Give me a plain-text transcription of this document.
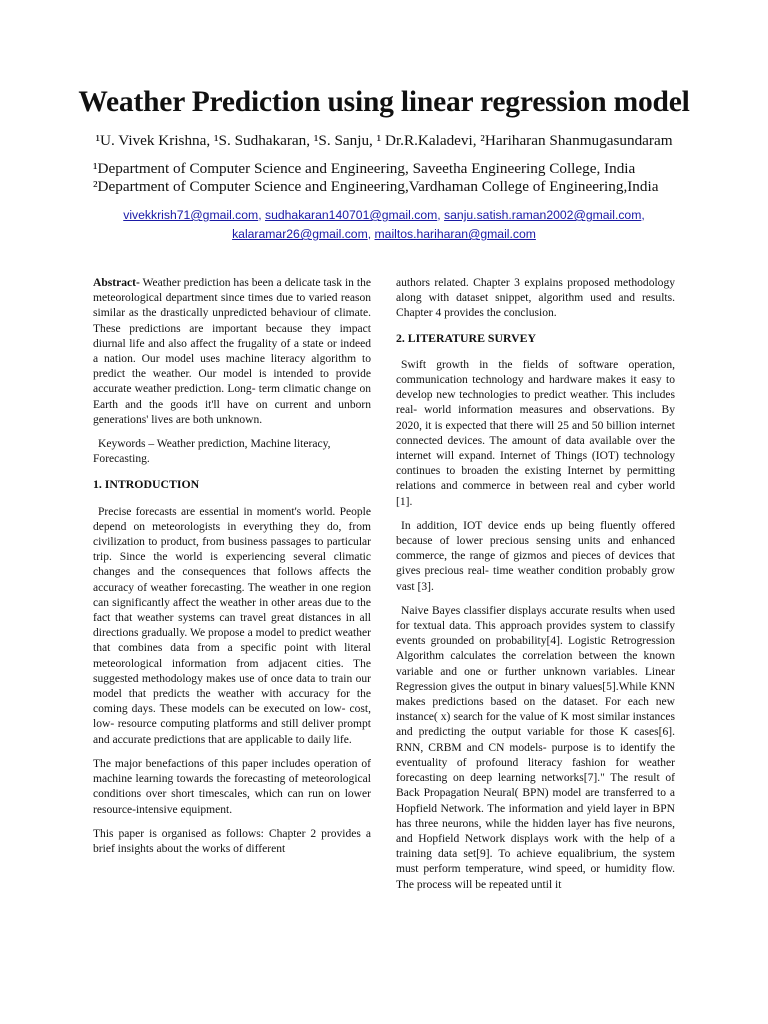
Weather Prediction using linear regression model
¹U. Vivek Krishna, ¹S. Sudhakaran, ¹S. Sanju, ¹ Dr.R.Kaladevi, ²Hariharan Shanmugasundaram
¹Department of Computer Science and Engineering, Saveetha Engineering College, India
²Department of Computer Science and Engineering,Vardhaman College of Engineering,India
vivekkrish71@gmail.com, sudhakaran140701@gmail.com, sanju.satish.raman2002@gmail.com,
kalaramar26@gmail.com, mailtos.hariharan@gmail.com

Abstract- Weather prediction has been a delicate task in the meteorological department since times due to varied reason similar as the drastically unpredicted behaviour of climate. These predictions are important because they impact diurnal life and also affect the frugality of a state or indeed a nation. Our model uses machine literacy algorithm to predict the weather. Our model is intended to provide accurate weather prediction. Long- term climatic change on Earth and the goods it'll have on current and unborn generations' lives are both unknown.

Keywords – Weather prediction, Machine literacy, Forecasting.

1. INTRODUCTION

Precise forecasts are essential in moment's world. People depend on meteorologists in everything they do, from civilization to product, from business passages to particular trip. Since the world is experiencing several climatic changes and the consequences that follows affects the accuracy of weather forecasting. The weather in one region can significantly affect the weather in other areas due to the fact that weather systems can travel great distances in all directions gradually. We propose a model to predict weather that combines data from a specific point with literal meteorological information from adjacent cities. The suggested methodology makes use of once data to train our model that predicts the weather with accuracy for the coming days. These models can be executed on low- cost, low- resource computing platforms and still deliver prompt and accurate predictions that are applicable to daily life.

The major benefactions of this paper includes operation of machine learning towards the forecasting of meteorological conditions over short timescales, which can run on lower resource-intensive equipment.

This paper is organised as follows: Chapter 2 provides a brief insights about the works of different

authors related. Chapter 3 explains proposed methodology along with dataset snippet, algorithm used and results. Chapter 4 provides the conclusion.

2. LITERATURE SURVEY

Swift growth in the fields of software operation, communication technology and hardware makes it easy to develop new technologies to predict weather. This includes real- world information measures and observations. By 2020, it is expected that there will 25 and 50 billion internet connected devices. The amount of data available over the internet will expand. Internet of Things (IOT) technology continues to broaden the existing Internet by permitting relations and commerce in between real and cyber world [1].

In addition, IOT device ends up being fluently offered because of lower precious sensing units and enhanced commerce, the range of gizmos and pieces of devices that gives precious real- time weather condition probably grow vast [3].

Naive Bayes classifier displays accurate results when used for textual data. This approach provides system to classify events grounded on probability[4]. Logistic Retrogression Algorithm calculates the correlation between the known variable and one or further unknown variables. Linear Regression gives the output in binary values[5].While KNN makes predictions based on the dataset. For each new instance( x) search for the value of K most similar instances and predicting the output variable for those K cases[6]. RNN, CRBM and CN models- purpose is to identify the eventuality of profound literacy fashion for weather forecasting on deep learning networks[7]." The result of Back Propagation Neural( BPN) model are transferred to a Hopfield Network. The information and yield layer in BPN has three neurons, while the hidden layer has five neurons, and Hopfield Network displays work with the help of a training data set[9]. To achieve equalibrium, the system must perform temperature, wind speed, or humidity flow. The process will be repeated until it
